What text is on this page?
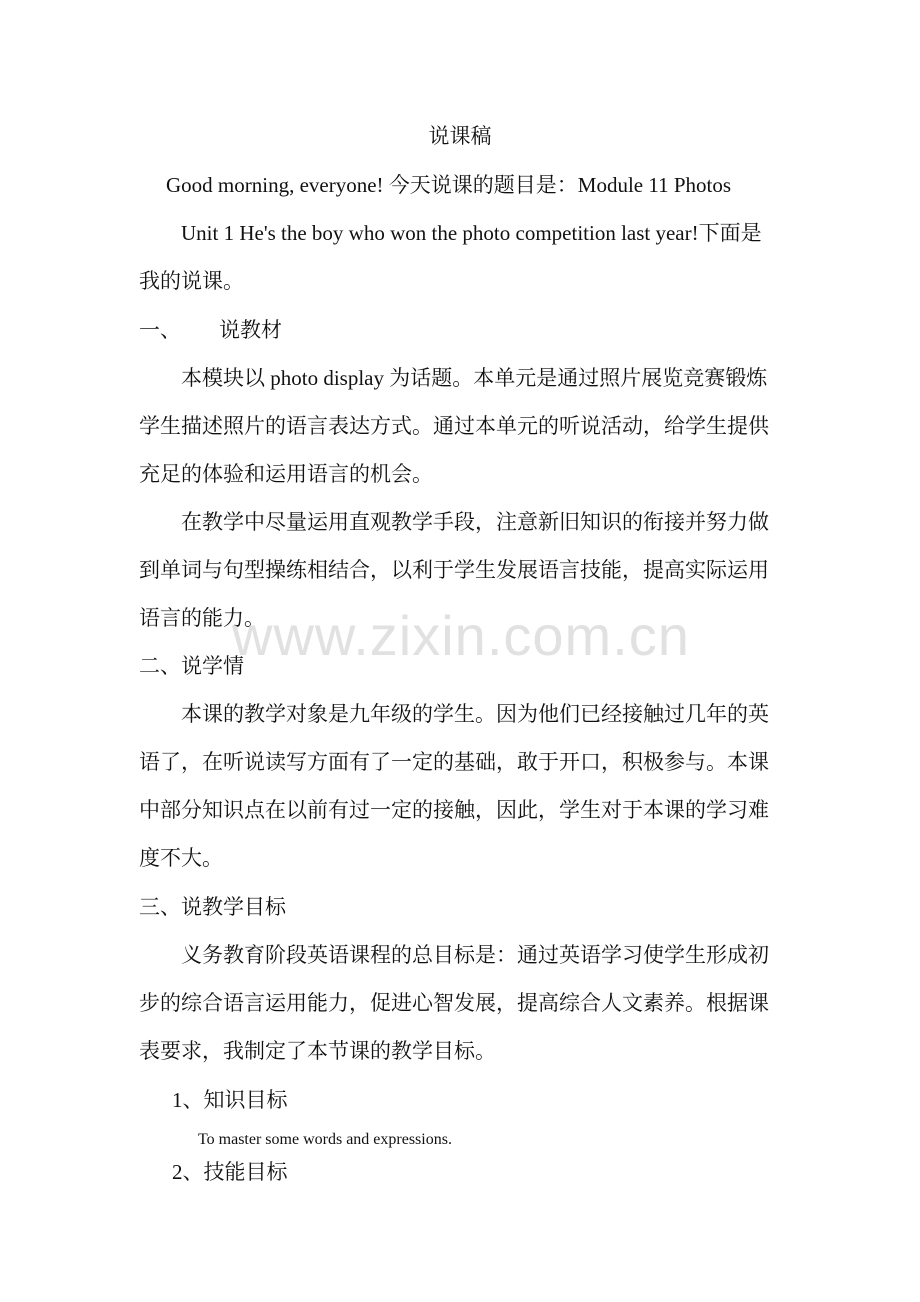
说课稿
Good morning, everyone! 今天说课的题目是：Module 11 Photos
Unit 1 He's the boy who won the photo competition last year!下面是
我的说课。
一、 说教材
本模块以 photo display 为话题。本单元是通过照片展览竞赛锻炼
学生描述照片的语言表达方式。通过本单元的听说活动，给学生提供
充足的体验和运用语言的机会。
在教学中尽量运用直观教学手段，注意新旧知识的衔接并努力做
到单词与句型操练相结合，以利于学生发展语言技能，提高实际运用
语言的能力。
二、说学情
本课的教学对象是九年级的学生。因为他们已经接触过几年的英
语了，在听说读写方面有了一定的基础，敢于开口，积极参与。本课
中部分知识点在以前有过一定的接触，因此，学生对于本课的学习难
度不大。
三、说教学目标
义务教育阶段英语课程的总目标是：通过英语学习使学生形成初
步的综合语言运用能力，促进心智发展，提高综合人文素养。根据课
表要求，我制定了本节课的教学目标。
1、知识目标
To master some words and expressions.
2、技能目标
www.zixin.com.cn
